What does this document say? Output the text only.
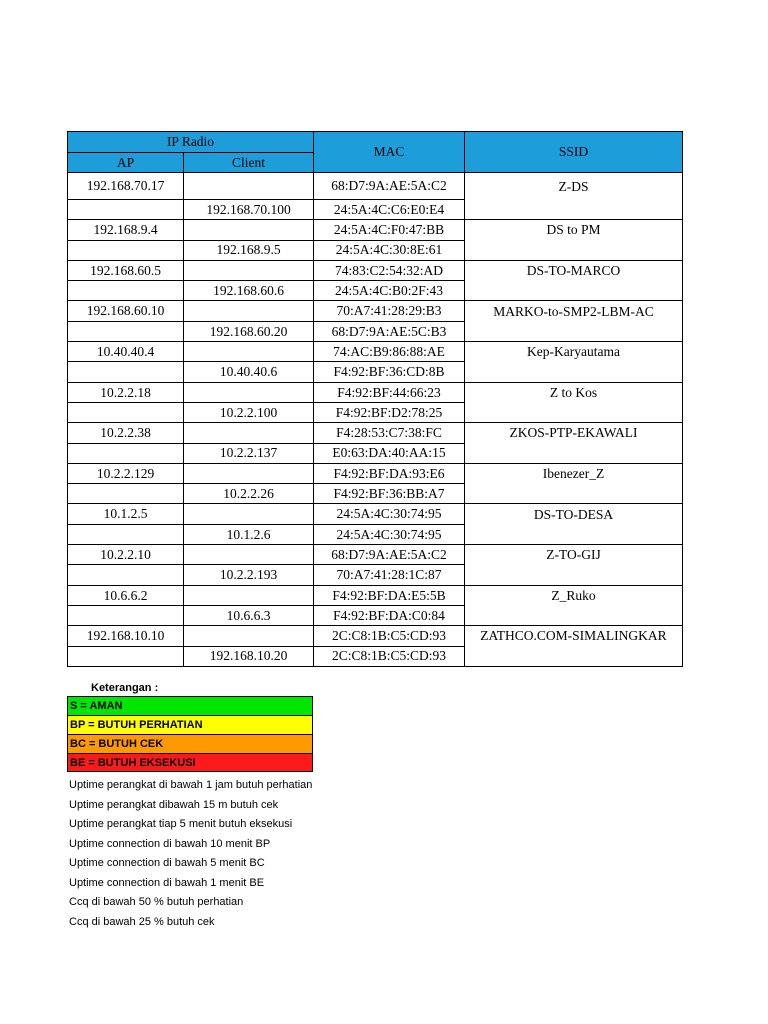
IP Radio		MAC	SSID
AP	Client		
192.168.70.17		68:D7:9A:AE:5A:C2	Z-DS
	192.168.70.100	24:5A:4C:C6:E0:E4	
192.168.9.4		24:5A:4C:F0:47:BB	DS to PM
	192.168.9.5	24:5A:4C:30:8E:61	
192.168.60.5		74:83:C2:54:32:AD	DS-TO-MARCO
	192.168.60.6	24:5A:4C:B0:2F:43	
192.168.60.10		70:A7:41:28:29:B3	MARKO-to-SMP2-LBM-AC
	192.168.60.20	68:D7:9A:AE:5C:B3	
10.40.40.4		74:AC:B9:86:88:AE	Kep-Karyautama
	10.40.40.6	F4:92:BF:36:CD:8B	
10.2.2.18		F4:92:BF:44:66:23	Z to Kos
	10.2.2.100	F4:92:BF:D2:78:25	
10.2.2.38		F4:28:53:C7:38:FC	ZKOS-PTP-EKAWALI
	10.2.2.137	E0:63:DA:40:AA:15	
10.2.2.129		F4:92:BF:DA:93:E6	Ibenezer_Z
	10.2.2.26	F4:92:BF:36:BB:A7	
10.1.2.5		24:5A:4C:30:74:95	DS-TO-DESA
	10.1.2.6	24:5A:4C:30:74:95	
10.2.2.10		68:D7:9A:AE:5A:C2	Z-TO-GIJ
	10.2.2.193	70:A7:41:28:1C:87	
10.6.6.2		F4:92:BF:DA:E5:5B	Z_Ruko
	10.6.6.3	F4:92:BF:DA:C0:84	
192.168.10.10		2C:C8:1B:C5:CD:93	ZATHCO.COM-SIMALINGKAR
	192.168.10.20	2C:C8:1B:C5:CD:93	
Keterangan :
S = AMAN
BP = BUTUH PERHATIAN
BC = BUTUH CEK
BE = BUTUH EKSEKUSI
Uptime perangkat di bawah 1 jam butuh perhatian
Uptime perangkat dibawah 15 m butuh cek
Uptime perangkat tiap 5 menit butuh eksekusi
Uptime connection di bawah 10 menit BP
Uptime connection di bawah 5 menit BC
Uptime connection di bawah 1 menit BE
Ccq di bawah 50 % butuh perhatian
Ccq di bawah 25 % butuh cek
